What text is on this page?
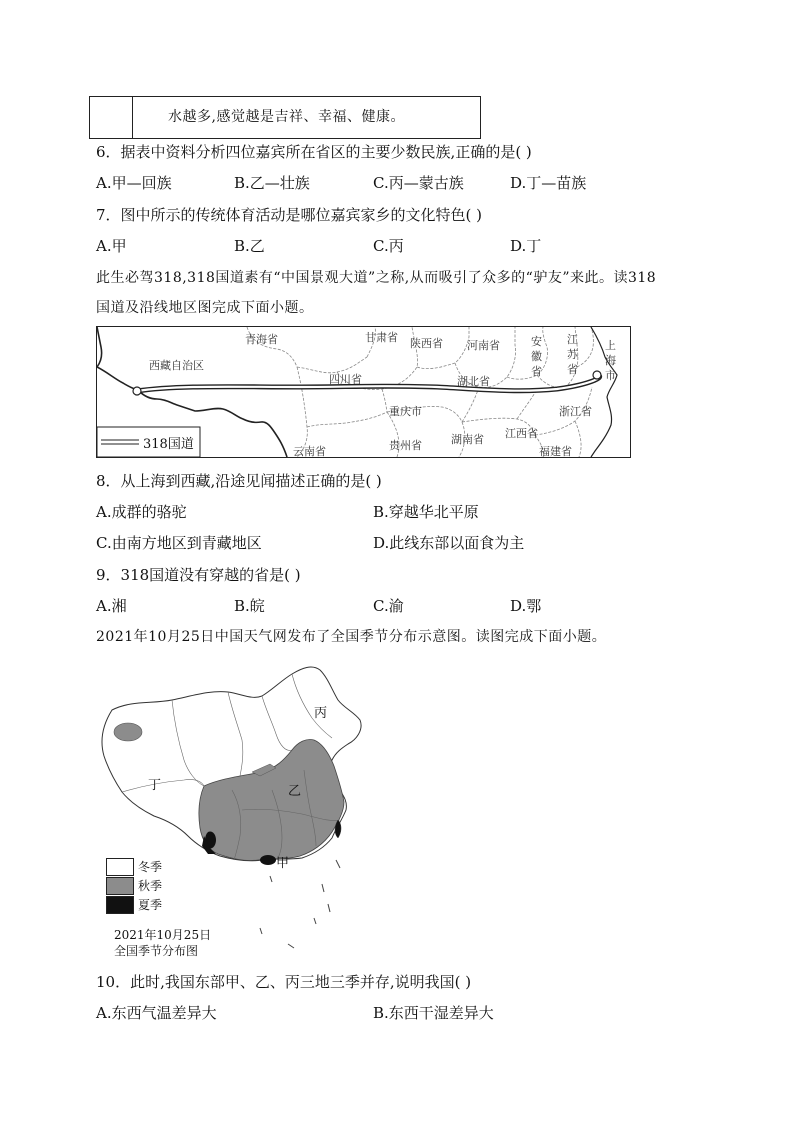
水越多,感觉越是吉祥、幸福、健康。
6．据表中资料分析四位嘉宾所在省区的主要少数民族,正确的是( )
A.甲—回族	B.乙—壮族	C.丙—蒙古族	D.丁—苗族
7．图中所示的传统体育活动是哪位嘉宾家乡的文化特色( )
A.甲	B.乙	C.丙	D.丁
此生必驾318,318国道素有“中国景观大道”之称,从而吸引了众多的“驴友”来此。读318
国道及沿线地区图完成下面小题。
青海省	甘肃省 陕西省 河南省	安
徽
省
江
苏
省
上
海
市
西藏自治区
四川省	湖北省
重庆市	浙江省
贵州省	湖南省 江西省
云南省	福建省
318国道
8．从上海到西藏,沿途见闻描述正确的是( )
A.成群的骆驼	B.穿越华北平原
C.由南方地区到青藏地区	D.此线东部以面食为主
9．318国道没有穿越的省是( )
A.湘	B.皖	C.渝	D.鄂
2021年10月25日中国天气网发布了全国季节分布示意图。读图完成下面小题。
丙
乙
丁
甲
冬季
秋季
夏季
2021年10月25日
全国季节分布图
10．此时,我国东部甲、乙、丙三地三季并存,说明我国( )
A.东西气温差异大	B.东西干湿差异大
